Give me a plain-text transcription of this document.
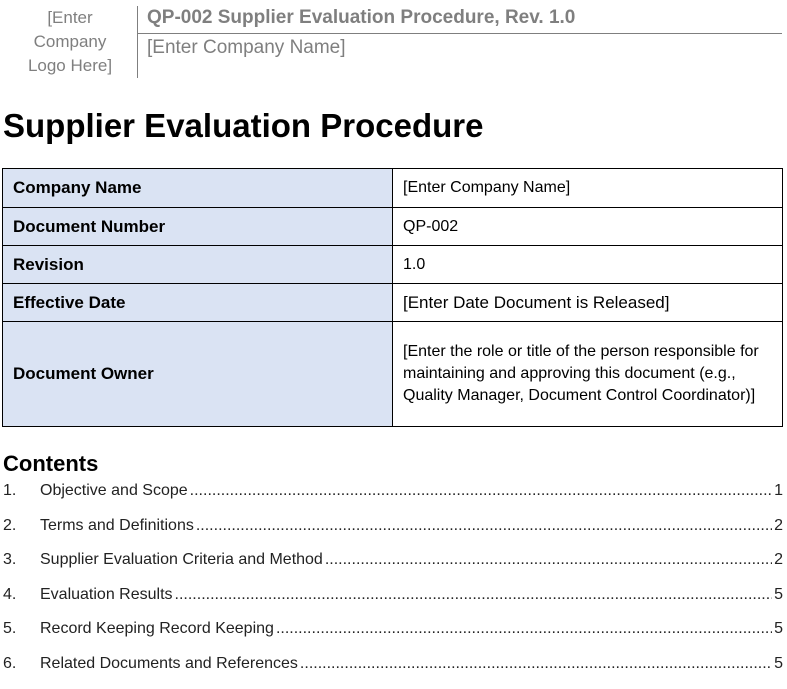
[Enter Company Logo Here]
QP-002 Supplier Evaluation Procedure, Rev. 1.0
[Enter Company Name]
Supplier Evaluation Procedure
Company Name	[Enter Company Name]
Document Number	QP-002
Revision	1.0
Effective Date	[Enter Date Document is Released]
Document Owner	[Enter the role or title of the person responsible for maintaining and approving this document (e.g., Quality Manager, Document Control Coordinator)]
Contents
1.	Objective and Scope .....	1
2.	Terms and Definitions .....	2
3.	Supplier Evaluation Criteria and Method .....	2
4.	Evaluation Results .....	5
5.	Record Keeping Record Keeping .....	5
6.	Related Documents and References .....	5
